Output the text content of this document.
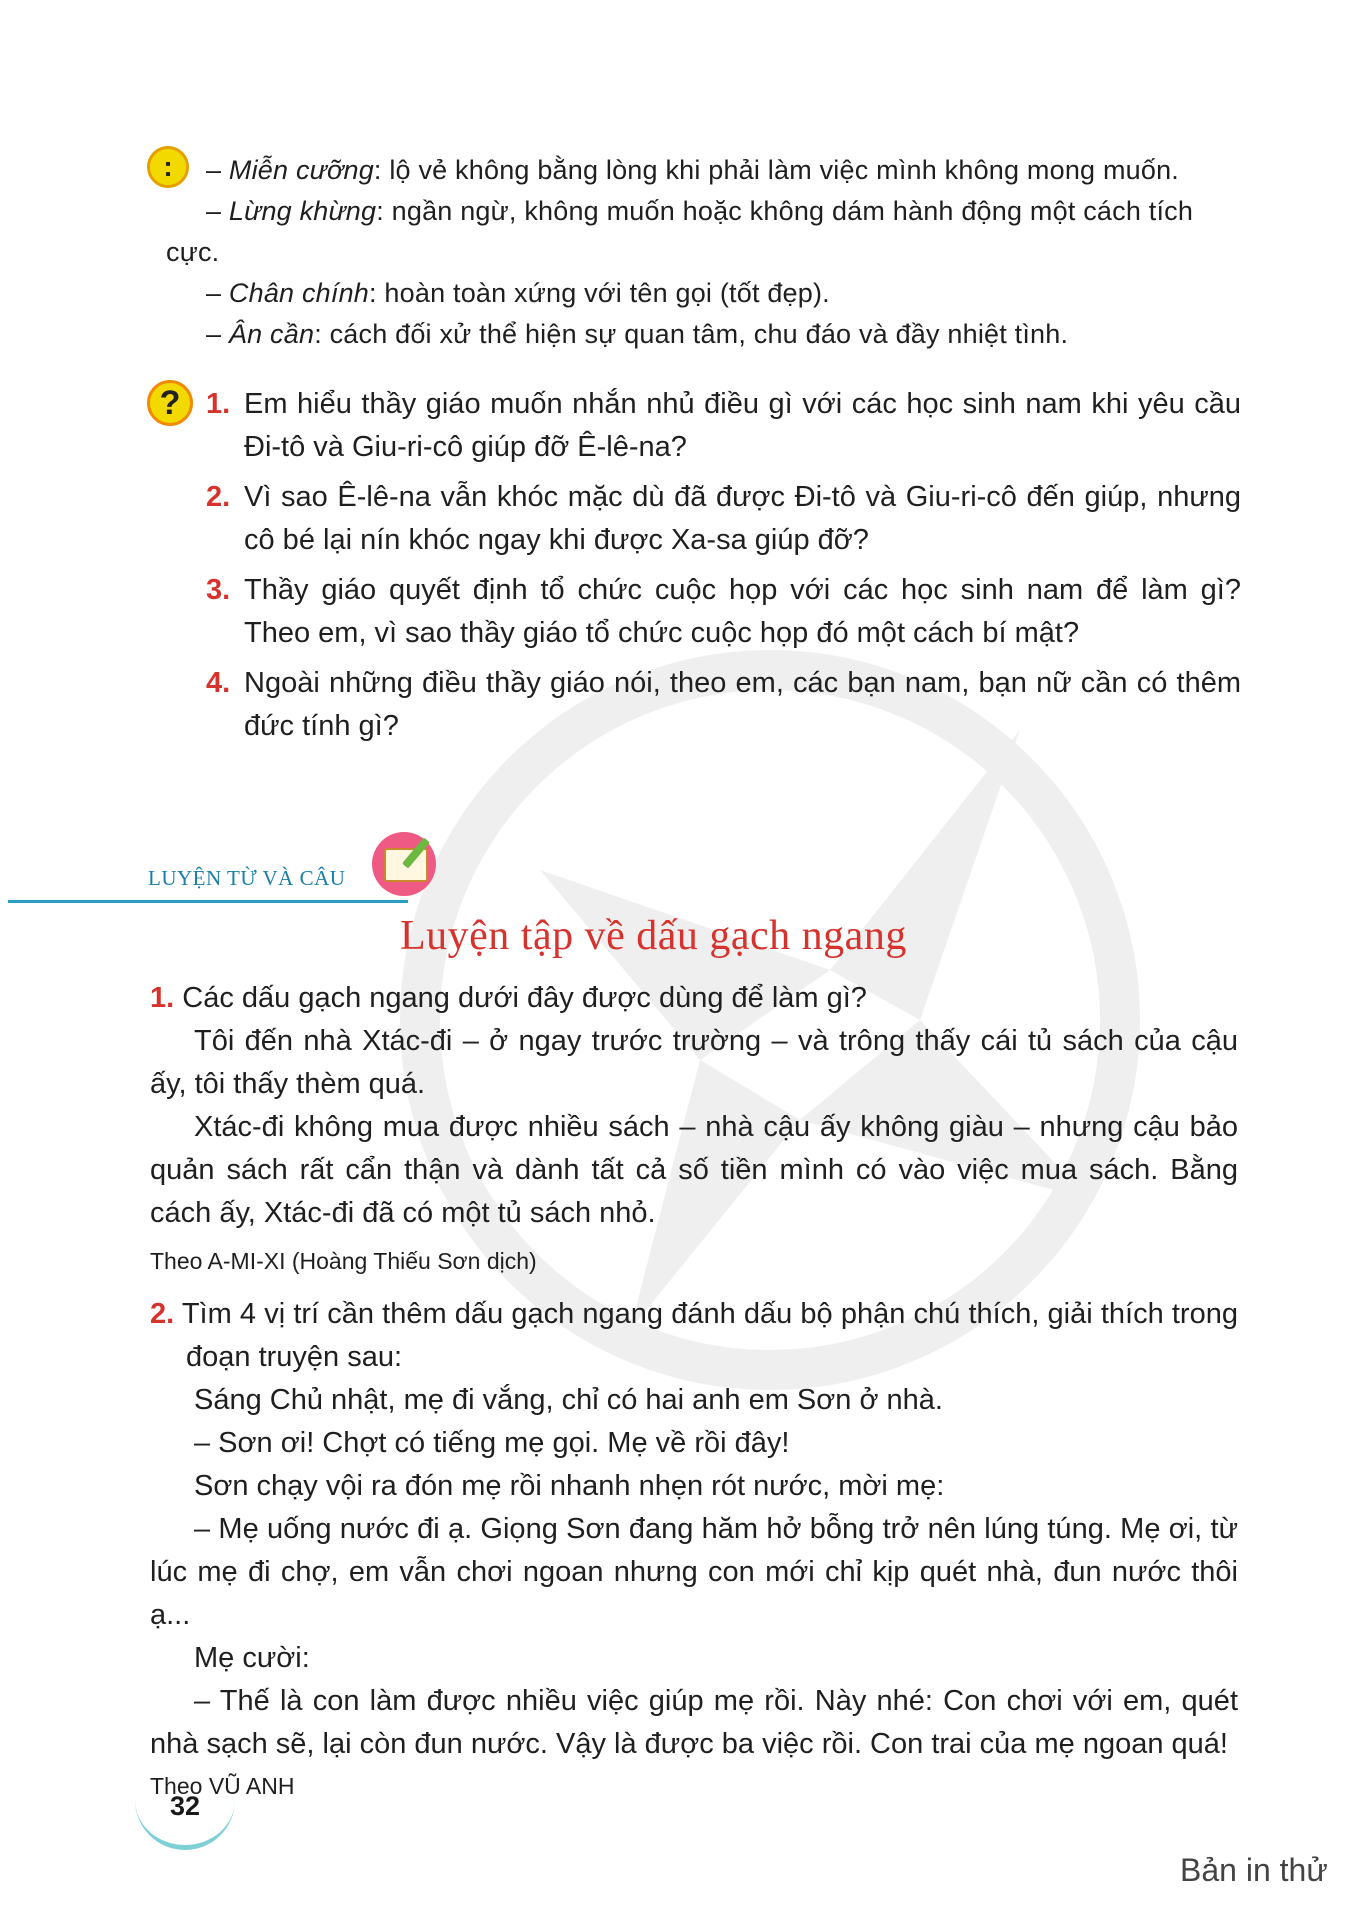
:	– Miễn cưỡng: lộ vẻ không bằng lòng khi phải làm việc mình không mong muốn.

– Lừng khừng: ngần ngừ, không muốn hoặc không dám hành động một cách tích cực.

– Chân chính: hoàn toàn xứng với tên gọi (tốt đẹp).

– Ân cần: cách đối xử thể hiện sự quan tâm, chu đáo và đầy nhiệt tình.

? 1. Em hiểu thầy giáo muốn nhắn nhủ điều gì với các học sinh nam khi yêu cầu Đi-tô và Giu-ri-cô giúp đỡ Ê-lê-na?
2. Vì sao Ê-lê-na vẫn khóc mặc dù đã được Đi-tô và Giu-ri-cô đến giúp, nhưng cô bé lại nín khóc ngay khi được Xa-sa giúp đỡ?
3. Thầy giáo quyết định tổ chức cuộc họp với các học sinh nam để làm gì? Theo em, vì sao thầy giáo tổ chức cuộc họp đó một cách bí mật?
4. Ngoài những điều thầy giáo nói, theo em, các bạn nam, bạn nữ cần có thêm đức tính gì?
LUYỆN TỪ VÀ CÂU
Luyện tập về dấu gạch ngang

1. Các dấu gạch ngang dưới đây được dùng để làm gì?

Tôi đến nhà Xtác-đi – ở ngay trước trường – và trông thấy cái tủ sách của cậu ấy, tôi thấy thèm quá.

Xtác-đi không mua được nhiều sách – nhà cậu ấy không giàu – nhưng cậu bảo quản sách rất cẩn thận và dành tất cả số tiền mình có vào việc mua sách. Bằng cách ấy, Xtác-đi đã có một tủ sách nhỏ.

Theo A-MI-XI (Hoàng Thiếu Sơn dịch)

2. Tìm 4 vị trí cần thêm dấu gạch ngang đánh dấu bộ phận chú thích, giải thích trong đoạn truyện sau:

Sáng Chủ nhật, mẹ đi vắng, chỉ có hai anh em Sơn ở nhà.

– Sơn ơi! Chợt có tiếng mẹ gọi. Mẹ về rồi đây!

Sơn chạy vội ra đón mẹ rồi nhanh nhẹn rót nước, mời mẹ:

– Mẹ uống nước đi ạ. Giọng Sơn đang hăm hở bỗng trở nên lúng túng. Mẹ ơi, từ lúc mẹ đi chợ, em vẫn chơi ngoan nhưng con mới chỉ kịp quét nhà, đun nước thôi ạ...

Mẹ cười:

– Thế là con làm được nhiều việc giúp mẹ rồi. Này nhé: Con chơi với em, quét nhà sạch sẽ, lại còn đun nước. Vậy là được ba việc rồi. Con trai của mẹ ngoan quá!

Theo VŨ ANH

32
Bản in thử
